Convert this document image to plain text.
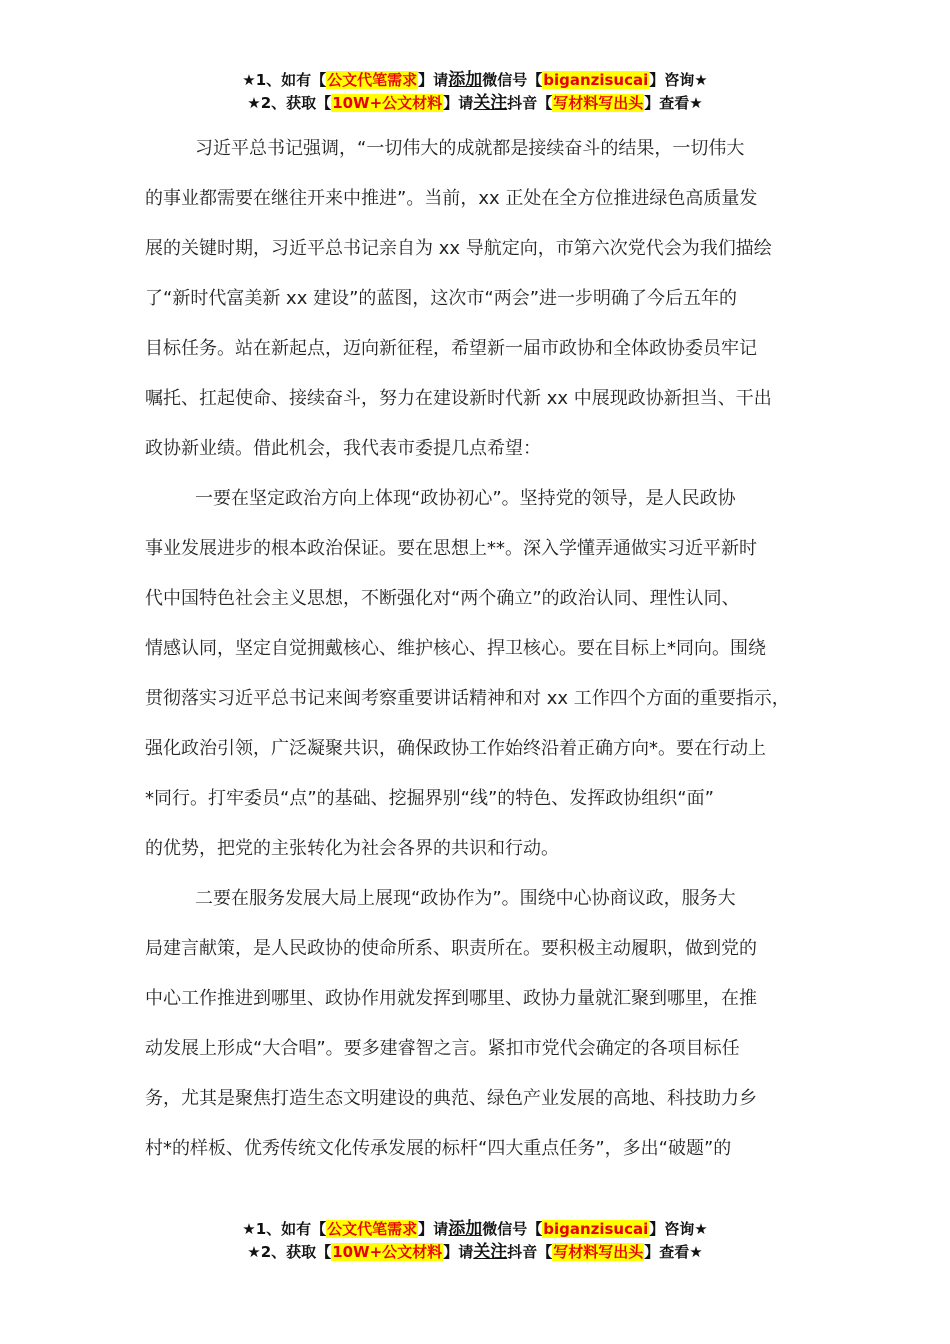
★1、如有【公文代笔需求】请添加微信号【biganzisucai】咨询★
★2、获取【10W+公文材料】请关注抖音【写材料写出头】查看★

习近平总书记强调，“一切伟大的成就都是接续奋斗的结果，一切伟大
的事业都需要在继往开来中推进”。当前，xx 正处在全方位推进绿色高质量发
展的关键时期，习近平总书记亲自为 xx 导航定向，市第六次党代会为我们描绘
了“新时代富美新 xx 建设”的蓝图，这次市“两会”进一步明确了今后五年的
目标任务。站在新起点，迈向新征程，希望新一届市政协和全体政协委员牢记
嘱托、扛起使命、接续奋斗，努力在建设新时代新 xx 中展现政协新担当、干出
政协新业绩。借此机会，我代表市委提几点希望：

一要在坚定政治方向上体现“政协初心”。坚持党的领导，是人民政协
事业发展进步的根本政治保证。要在思想上**。深入学懂弄通做实习近平新时
代中国特色社会主义思想，不断强化对“两个确立”的政治认同、理性认同、
情感认同，坚定自觉拥戴核心、维护核心、捍卫核心。要在目标上*同向。围绕
贯彻落实习近平总书记来闽考察重要讲话精神和对 xx 工作四个方面的重要指示，
强化政治引领，广泛凝聚共识，确保政协工作始终沿着正确方向*。要在行动上
*同行。打牢委员“点”的基础、挖掘界别“线”的特色、发挥政协组织“面”
的优势，把党的主张转化为社会各界的共识和行动。

二要在服务发展大局上展现“政协作为”。围绕中心协商议政，服务大
局建言献策，是人民政协的使命所系、职责所在。要积极主动履职，做到党的
中心工作推进到哪里、政协作用就发挥到哪里、政协力量就汇聚到哪里，在推
动发展上形成“大合唱”。要多建睿智之言。紧扣市党代会确定的各项目标任
务，尤其是聚焦打造生态文明建设的典范、绿色产业发展的高地、科技助力乡
村*的样板、优秀传统文化传承发展的标杆“四大重点任务”，多出“破题”的

★1、如有【公文代笔需求】请添加微信号【biganzisucai】咨询★
★2、获取【10W+公文材料】请关注抖音【写材料写出头】查看★
